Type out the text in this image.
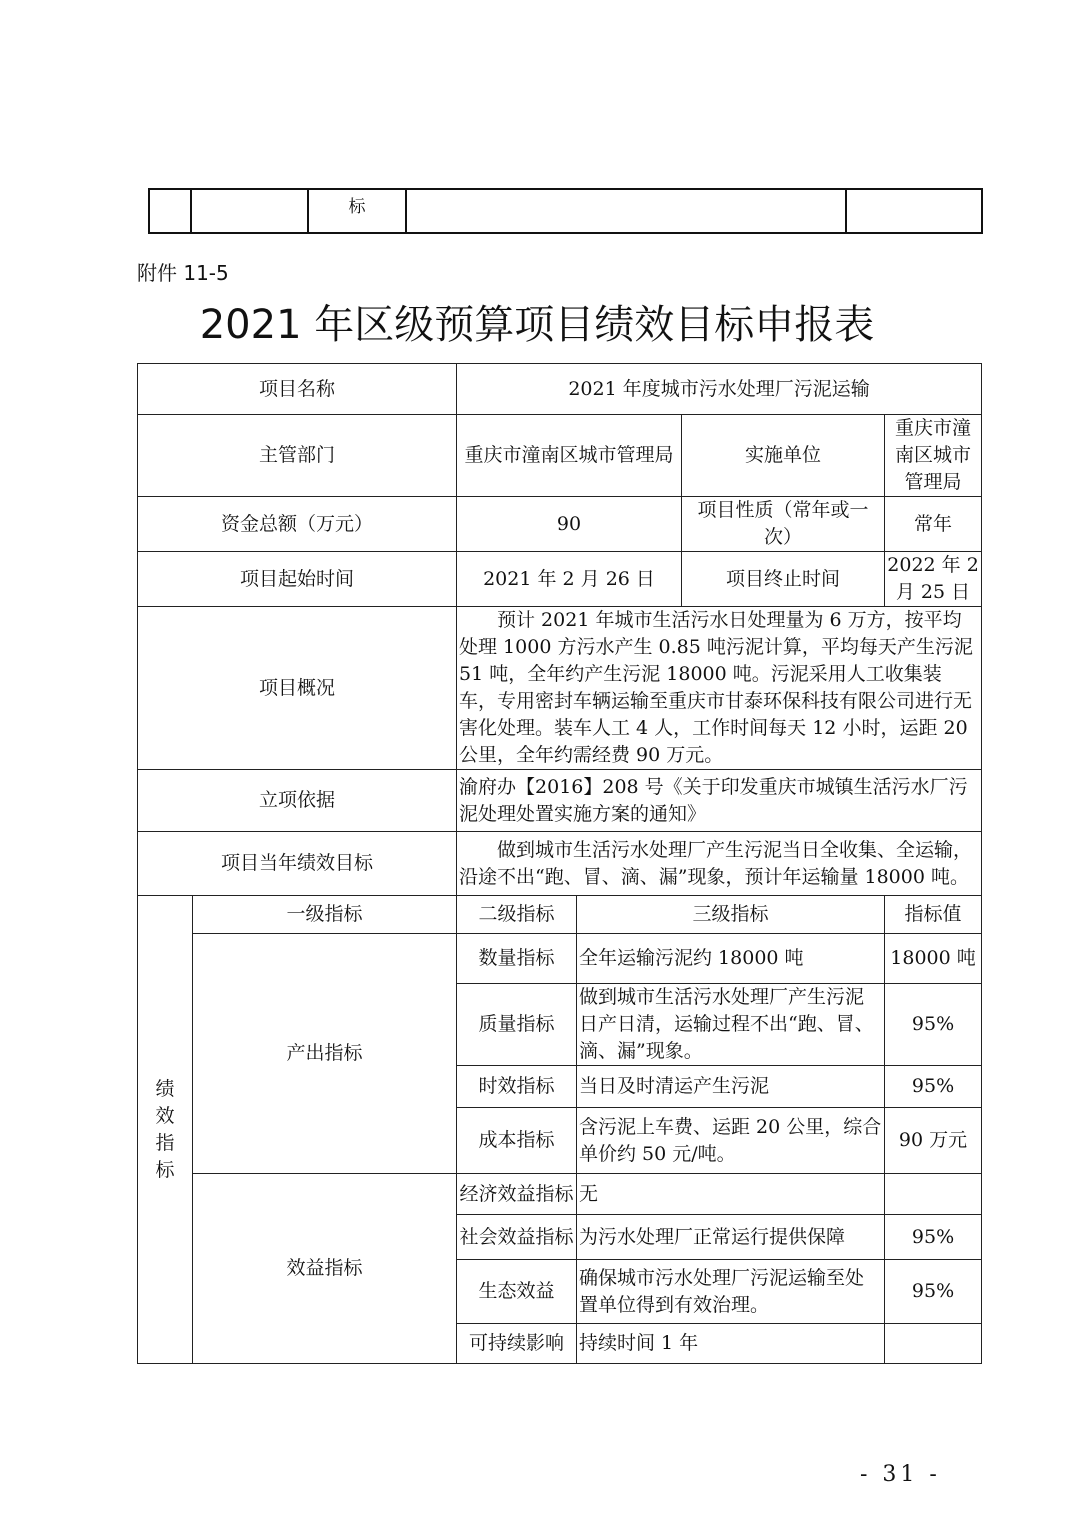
		标		
附件 11-5
2021 年区级预算项目绩效目标申报表
项目名称		2021 年度城市污水处理厂污泥运输			
主管部门		重庆市潼南区城市管理局		实施单位	重庆市潼南区城市管理局
资金总额（万元）		90		项目性质（常年或一次）	常年
项目起始时间		2021 年 2 月 26 日		项目终止时间	2022 年 2 月 25 日
项目概况		预计 2021 年城市生活污水日处理量为 6 万方，按平均处理 1000 方污水产生 0.85 吨污泥计算，平均每天产生污泥 51 吨，全年约产生污泥 18000 吨。污泥采用人工收集装车，专用密封车辆运输至重庆市甘泰环保科技有限公司进行无害化处理。装车人工 4 人，工作时间每天 12 小时，运距 20 公里，全年约需经费 90 万元。			
立项依据		渝府办【2016】208 号《关于印发重庆市城镇生活污水厂污泥处理处置实施方案的通知》			
项目当年绩效目标		做到城市生活污水处理厂产生污泥当日全收集、全运输，沿途不出“跑、冒、滴、漏”现象，预计年运输量 18000 吨。			
绩
效
指
标	一级指标	二级指标	三级指标		指标值
	产出指标	数量指标	全年运输污泥约 18000 吨		18000 吨
		质量指标	做到城市生活污水处理厂产生污泥日产日清，运输过程不出“跑、冒、滴、漏”现象。		95%
		时效指标	当日及时清运产生污泥		95%
		成本指标	含污泥上车费、运距 20 公里，综合单价约 50 元/吨。		90 万元
	效益指标	经济效益指标	无		
		社会效益指标	为污水处理厂正常运行提供保障		95%
		生态效益	确保城市污水处理厂污泥运输至处置单位得到有效治理。		95%
		可持续影响	持续时间 1 年		
- 31 -
